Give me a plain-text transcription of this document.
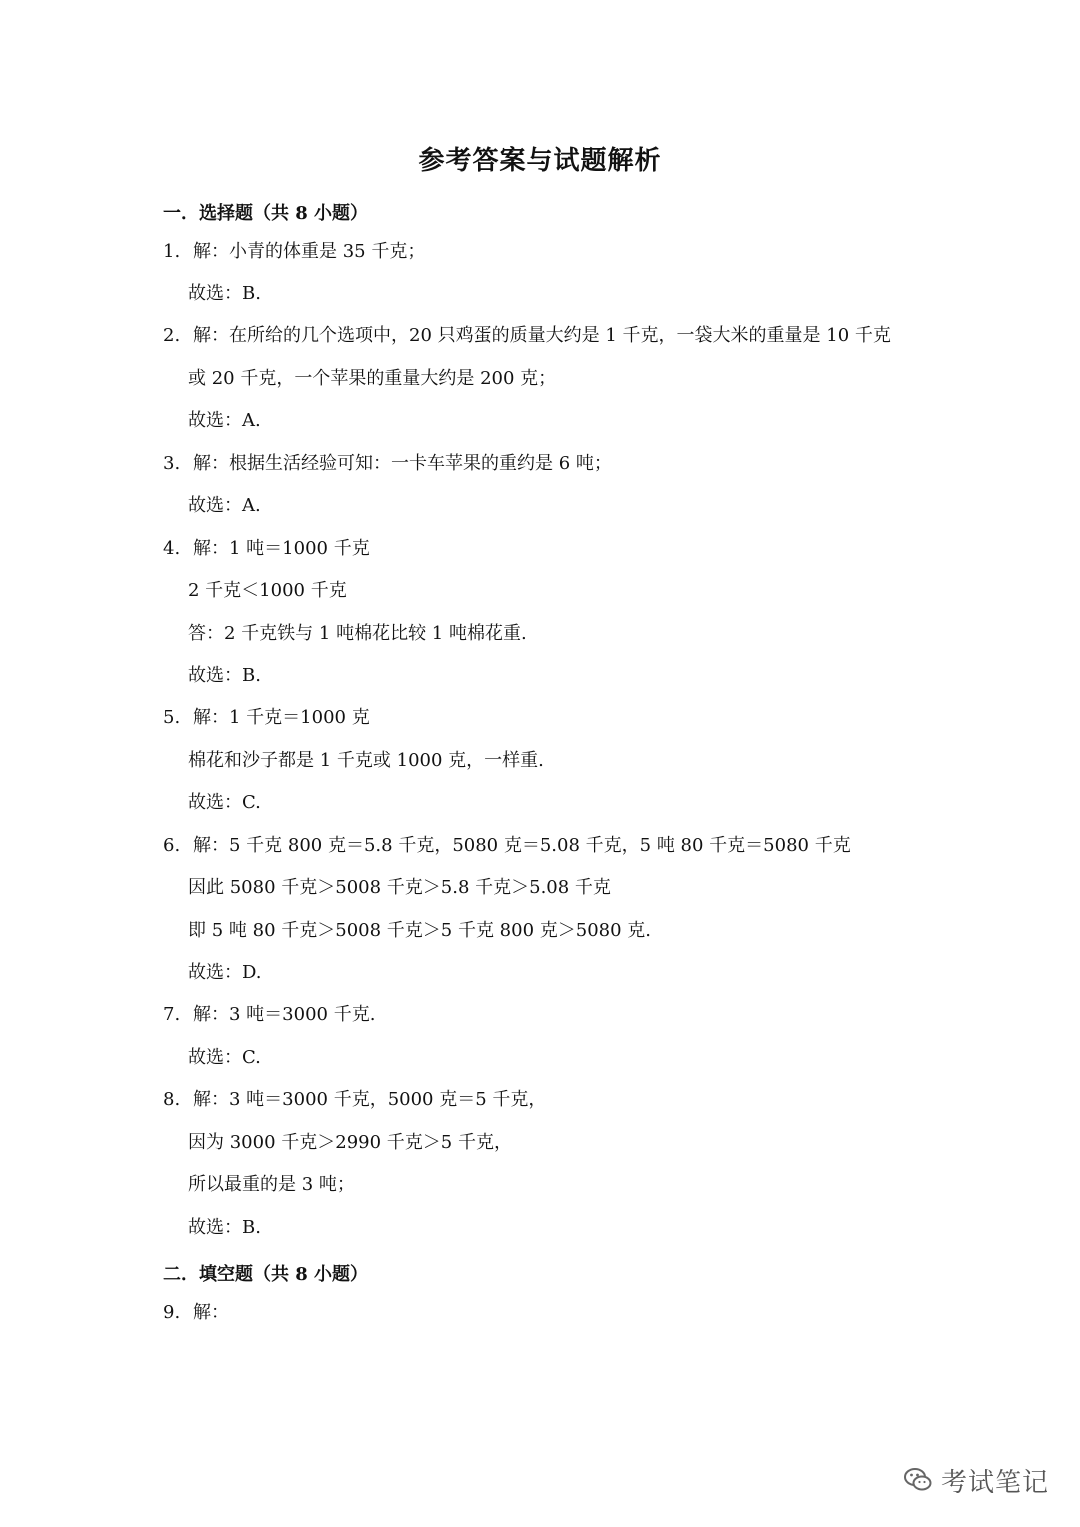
参考答案与试题解析
一．选择题（共 8 小题）
1. 解：小青的体重是 35 千克；
故选：B.
2. 解：在所给的几个选项中，20 只鸡蛋的质量大约是 1 千克，一袋大米的重量是 10 千克
或 20 千克，一个苹果的重量大约是 200 克；
故选：A.
3. 解：根据生活经验可知：一卡车苹果的重约是 6 吨；
故选：A.
4. 解：1 吨＝1000 千克
2 千克＜1000 千克
答：2 千克铁与 1 吨棉花比较 1 吨棉花重.
故选：B.
5. 解：1 千克＝1000 克
棉花和沙子都是 1 千克或 1000 克，一样重.
故选：C.
6. 解：5 千克 800 克＝5.8 千克，5080 克＝5.08 千克，5 吨 80 千克＝5080 千克
因此 5080 千克＞5008 千克＞5.8 千克＞5.08 千克
即 5 吨 80 千克＞5008 千克＞5 千克 800 克＞5080 克.
故选：D.
7. 解：3 吨＝3000 千克.
故选：C.
8. 解：3 吨＝3000 千克，5000 克＝5 千克，
因为 3000 千克＞2990 千克＞5 千克，
所以最重的是 3 吨；
故选：B.
二．填空题（共 8 小题）
9. 解：
考试笔记
